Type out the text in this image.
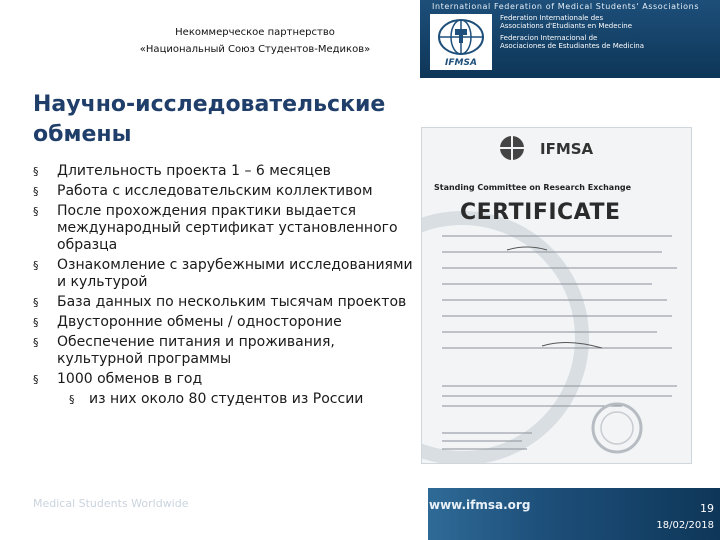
International Federation of Medical Students' Associations
IFMSA
Federation Internationale des
Associations d'Etudiants en Medecine
Federacion Internacional de
Asociaciones de Estudiantes de Medicina
Некоммерческое партнерство
«Национальный Союз Студентов-Медиков»
Научно-исследовательские обмены
§ Длительность проекта 1 – 6 месяцев
§ Работа с исследовательским коллективом
§ После прохождения практики выдается международный сертификат установленного образца
§ Ознакомление с зарубежными исследованиями и культурой
§ База данных по нескольким тысячам проектов
§ Двусторонние обмены / одностороние
§ Обеспечение питания и проживания, культурной программы
§ 1000 обменов в год
§ из них около 80 студентов из России
IFMSA
Standing Committee on Research Exchange
CERTIFICATE
www.ifmsa.org
Medical Students Worldwide	19
18/02/2018
